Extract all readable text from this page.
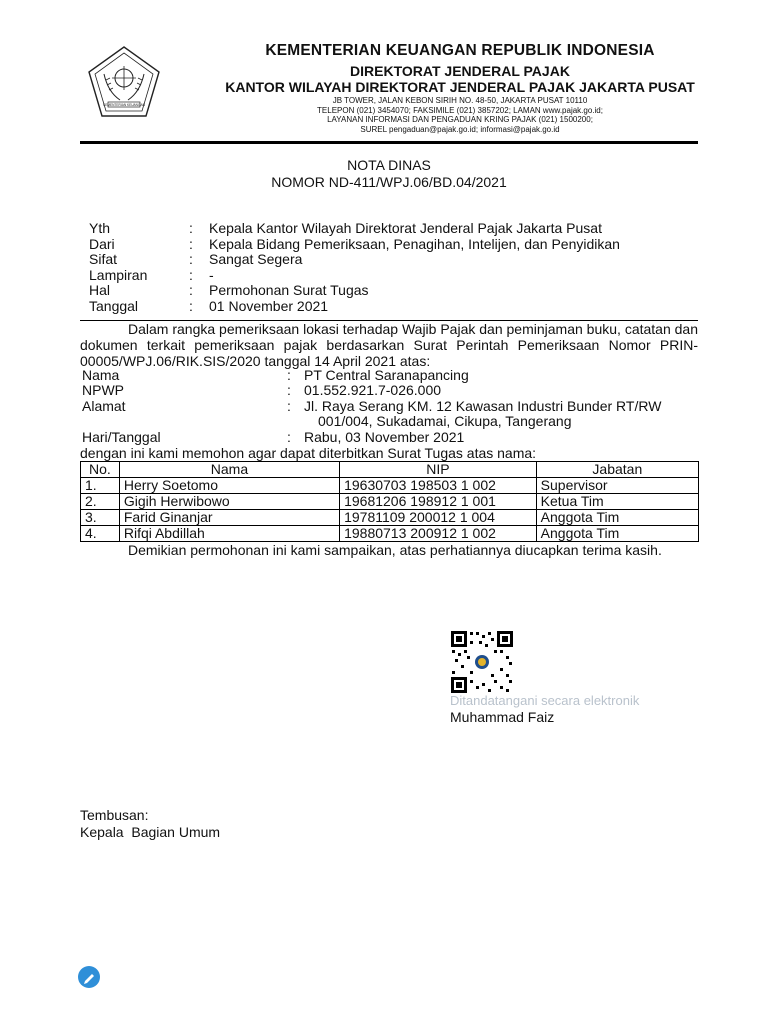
KEMENTERIAN KEUANGAN
KEMENTERIAN KEUANGAN REPUBLIK INDONESIA
DIREKTORAT JENDERAL PAJAK
KANTOR WILAYAH DIREKTORAT JENDERAL PAJAK JAKARTA PUSAT
JB TOWER, JALAN KEBON SIRIH NO. 48-50, JAKARTA PUSAT 10110
TELEPON (021) 3454070; FAKSIMILE (021) 3857202; LAMAN www.pajak.go.id;
LAYANAN INFORMASI DAN PENGADUAN KRING PAJAK (021) 1500200;
SUREL pengaduan@pajak.go.id; informasi@pajak.go.id
NOTA DINAS
NOMOR ND-411/WPJ.06/BD.04/2021
Yth	: Kepala Kantor Wilayah Direktorat Jenderal Pajak Jakarta Pusat
Dari	: Kepala Bidang Pemeriksaan, Penagihan, Intelijen, dan Penyidikan
Sifat	: Sangat Segera
Lampiran	: -
Hal	: Permohonan Surat Tugas
Tanggal	: 01 November 2021
Dalam rangka pemeriksaan lokasi terhadap Wajib Pajak dan peminjaman buku, catatan dan dokumen terkait pemeriksaan pajak berdasarkan Surat Perintah Pemeriksaan Nomor PRIN-00005/WPJ.06/RIK.SIS/2020 tanggal 14 April 2021 atas:
Nama	: PT Central Saranapancing
NPWP	: 01.552.921.7-026.000
Alamat	: Jl. Raya Serang KM. 12 Kawasan Industri Bunder RT/RW
001/004, Sukadamai, Cikupa, Tangerang
Hari/Tanggal	: Rabu, 03 November 2021
dengan ini kami memohon agar dapat diterbitkan Surat Tugas atas nama:
No.	Nama	NIP	Jabatan
1.	Herry Soetomo	19630703 198503 1 002	Supervisor
2.	Gigih Herwibowo	19681206 198912 1 001	Ketua Tim
3.	Farid Ginanjar	19781109 200012 1 004	Anggota Tim
4.	Rifqi Abdillah	19880713 200912 1 002	Anggota Tim
Demikian permohonan ini kami sampaikan, atas perhatiannya diucapkan terima kasih.
Ditandatangani secara elektronik
Muhammad Faiz
Tembusan:
Kepala  Bagian Umum
